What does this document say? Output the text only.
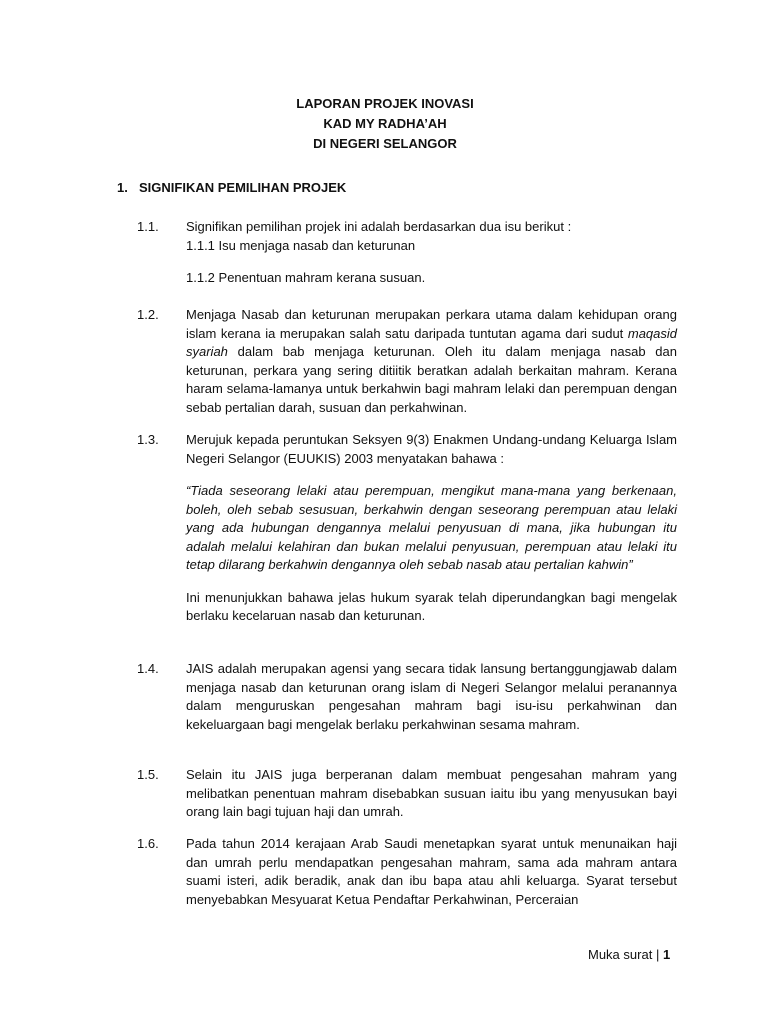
LAPORAN PROJEK INOVASI
KAD MY RADHA’AH
DI NEGERI SELANGOR
1. SIGNIFIKAN PEMILIHAN PROJEK
1.1.	Signifikan pemilihan projek ini adalah berdasarkan dua isu berikut :
1.1.1 Isu menjaga nasab dan keturunan
1.1.2 Penentuan mahram kerana susuan.
1.2.	Menjaga Nasab dan keturunan merupakan perkara utama dalam kehidupan orang islam kerana ia merupakan salah satu daripada tuntutan agama dari sudut maqasid syariah dalam bab menjaga keturunan. Oleh itu dalam menjaga nasab dan keturunan, perkara yang sering ditiitik beratkan adalah berkaitan mahram. Kerana haram selama-lamanya untuk berkahwin bagi mahram lelaki dan perempuan dengan sebab pertalian darah, susuan dan perkahwinan.
1.3.	Merujuk kepada peruntukan Seksyen 9(3) Enakmen Undang-undang Keluarga Islam Negeri Selangor (EUUKIS) 2003 menyatakan bahawa :
“Tiada seseorang lelaki atau perempuan, mengikut mana-mana yang berkenaan, boleh, oleh sebab sesusuan, berkahwin dengan seseorang perempuan atau lelaki yang ada hubungan dengannya melalui penyusuan di mana, jika hubungan itu adalah melalui kelahiran dan bukan melalui penyusuan, perempuan atau lelaki itu tetap dilarang berkahwin dengannya oleh sebab nasab atau pertalian kahwin”
Ini menunjukkan bahawa jelas hukum syarak telah diperundangkan bagi mengelak berlaku kecelaruan nasab dan keturunan.
1.4.	JAIS adalah merupakan agensi yang secara tidak lansung bertanggungjawab dalam menjaga nasab dan keturunan orang islam di Negeri Selangor melalui peranannya dalam menguruskan pengesahan mahram bagi isu-isu perkahwinan dan kekeluargaan bagi mengelak berlaku perkahwinan sesama mahram.
1.5.	Selain itu JAIS juga berperanan dalam membuat pengesahan mahram yang melibatkan penentuan mahram disebabkan susuan iaitu ibu yang menyusukan bayi orang lain bagi tujuan haji dan umrah.
1.6.	Pada tahun 2014 kerajaan Arab Saudi menetapkan syarat untuk menunaikan haji dan umrah perlu mendapatkan pengesahan mahram, sama ada mahram antara suami isteri, adik beradik, anak dan ibu bapa atau ahli keluarga. Syarat tersebut menyebabkan Mesyuarat Ketua Pendaftar Perkahwinan, Perceraian
Muka surat | 1
